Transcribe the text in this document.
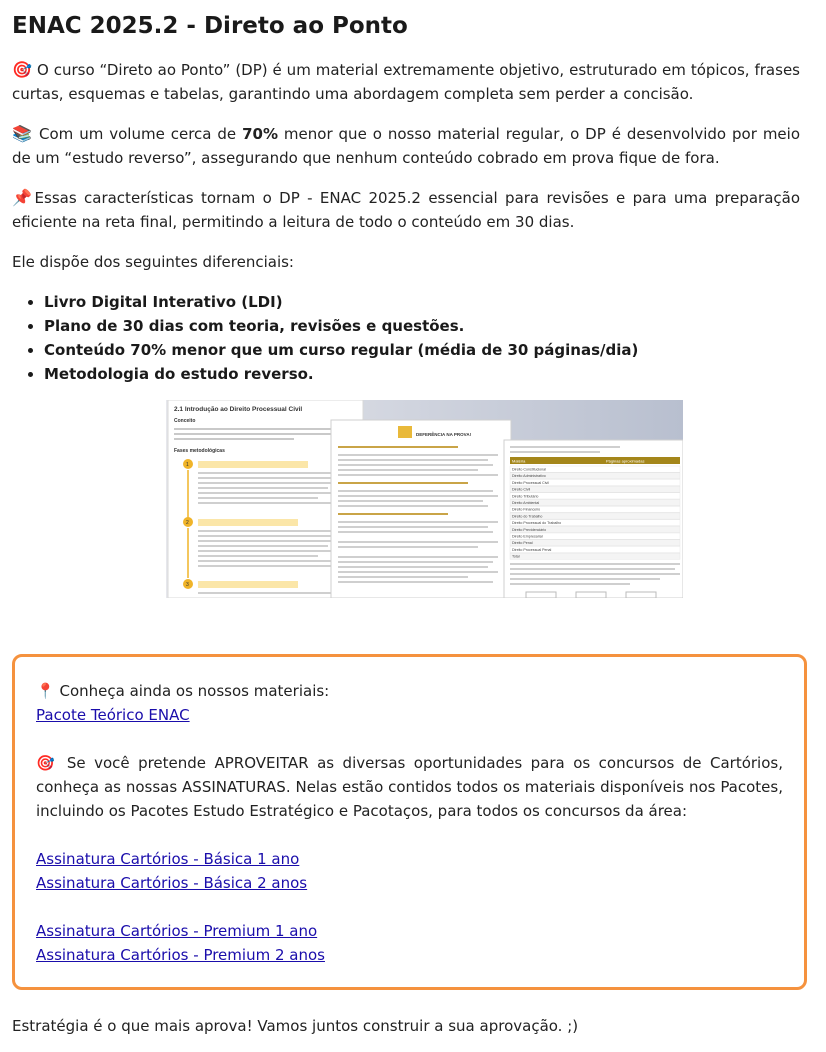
ENAC 2025.2 - Direto ao Ponto

🎯 O curso “Direto ao Ponto” (DP) é um material extremamente objetivo, estruturado em tópicos, frases curtas, esquemas e tabelas, garantindo uma abordagem completa sem perder a concisão.

📚 Com um volume cerca de 70% menor que o nosso material regular, o DP é desenvolvido por meio de um “estudo reverso”, assegurando que nenhum conteúdo cobrado em prova fique de fora.

📌Essas características tornam o DP - ENAC 2025.2 essencial para revisões e para uma preparação eficiente na reta final, permitindo a leitura de todo o conteúdo em 30 dias.

Ele dispõe dos seguintes diferenciais:

• Livro Digital Interativo (LDI)
• Plano de 30 dias com teoria, revisões e questões.
• Conteúdo 70% menor que um curso regular (média de 30 páginas/dia)
• Metodologia do estudo reverso.
2.1 Introdução ao Direito Processual Civil
Conceito
Fases metodológicas
1
2
3
DEFERÊNCIA NA PROVA!
Matéria	Páginas aproximadas
Direito Constitucional
Direito Administrativo
Direito Processual Civil
Direito Civil
Direito Tributário
Direito Ambiental
Direito Financeiro
Direito do Trabalho
Direito Processual do Trabalho
Direito Previdenciário
Direito Empresarial
Direito Penal
Direito Processual Penal
Total
📍 Conheça ainda os nossos materiais:
Pacote Teórico ENAC
🎯 Se você pretende APROVEITAR as diversas oportunidades para os concursos de Cartórios, conheça as nossas ASSINATURAS. Nelas estão contidos todos os materiais disponíveis nos Pacotes, incluindo os Pacotes Estudo Estratégico e Pacotaços, para todos os concursos da área:
Assinatura Cartórios - Básica 1 ano
Assinatura Cartórios - Básica 2 anos
Assinatura Cartórios - Premium 1 ano
Assinatura Cartórios - Premium 2 anos

Estratégia é o que mais aprova! Vamos juntos construir a sua aprovação. ;)
